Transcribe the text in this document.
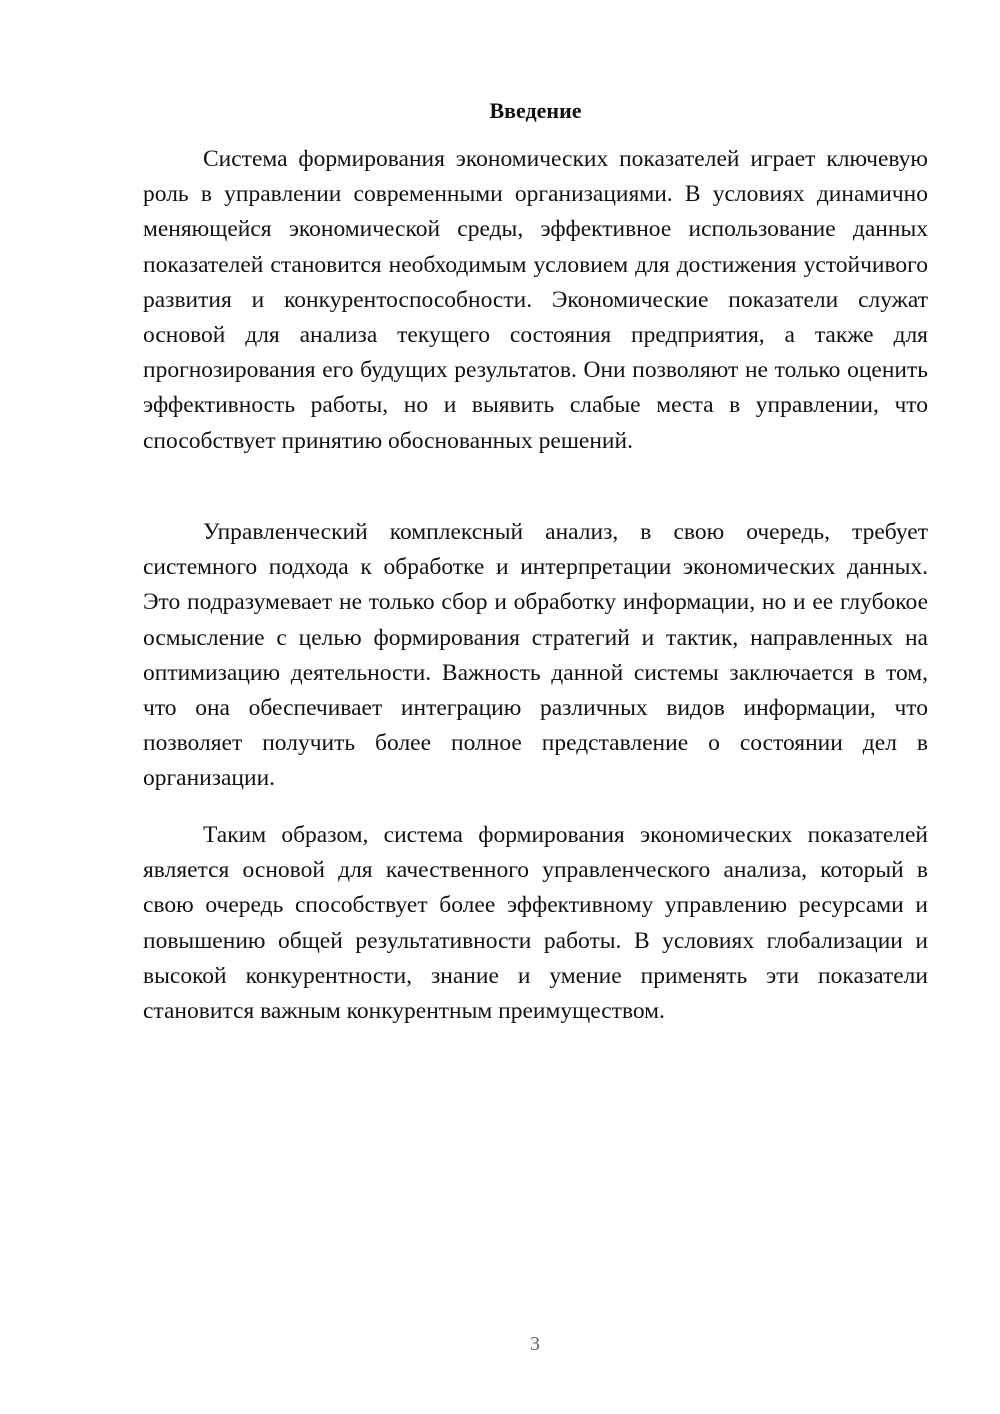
Введение

Система формирования экономических показателей играет ключевую роль в управлении современными организациями. В условиях динамично меняющейся экономической среды, эффективное использование данных показателей становится необходимым условием для достижения устойчивого развития и конкурентоспособности. Экономические показатели служат основой для анализа текущего состояния предприятия, а также для прогнозирования его будущих результатов. Они позволяют не только оценить эффективность работы, но и выявить слабые места в управлении, что способствует принятию обоснованных решений.

Управленческий комплексный анализ, в свою очередь, требует системного подхода к обработке и интерпретации экономических данных. Это подразумевает не только сбор и обработку информации, но и ее глубокое осмысление с целью формирования стратегий и тактик, направленных на оптимизацию деятельности. Важность данной системы заключается в том, что она обеспечивает интеграцию различных видов информации, что позволяет получить более полное представление о состоянии дел в организации.

Таким образом, система формирования экономических показателей является основой для качественного управленческого анализа, который в свою очередь способствует более эффективному управлению ресурсами и повышению общей результативности работы. В условиях глобализации и высокой конкурентности, знание и умение применять эти показатели становится важным конкурентным преимуществом.

3
